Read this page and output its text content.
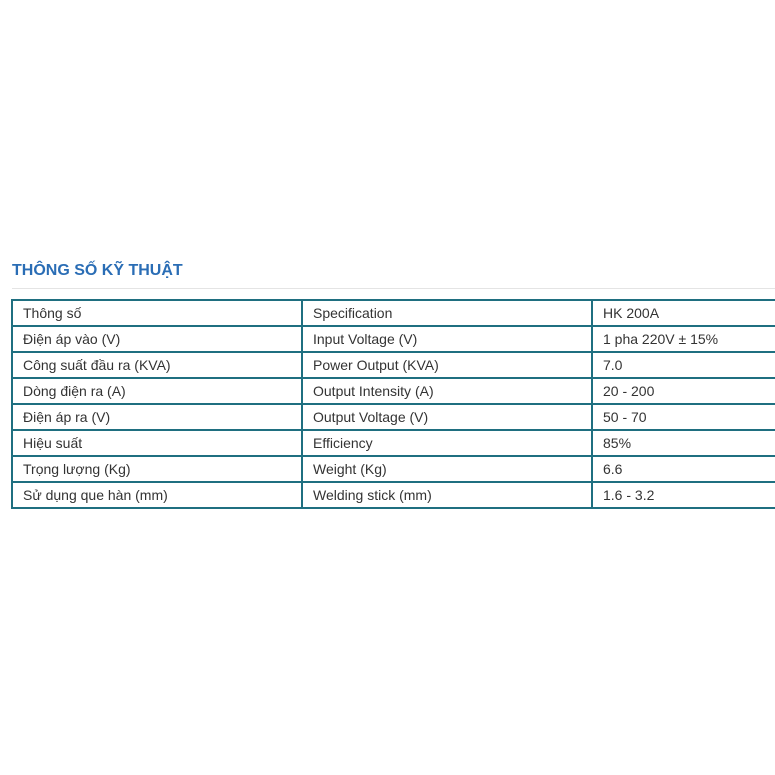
THÔNG SỐ KỸ THUẬT
Thông số	Specification	HK 200A
Điện áp vào (V)	Input Voltage (V)	1 pha 220V ± 15%
Công suất đầu ra (KVA)	Power Output (KVA)	7.0
Dòng điện ra (A)	Output Intensity (A)	20 - 200
Điện áp ra (V)	Output Voltage (V)	50 - 70
Hiệu suất	Efficiency	85%
Trọng lượng (Kg)	Weight (Kg)	6.6
Sử dụng que hàn (mm)	Welding stick (mm)	1.6 - 3.2
